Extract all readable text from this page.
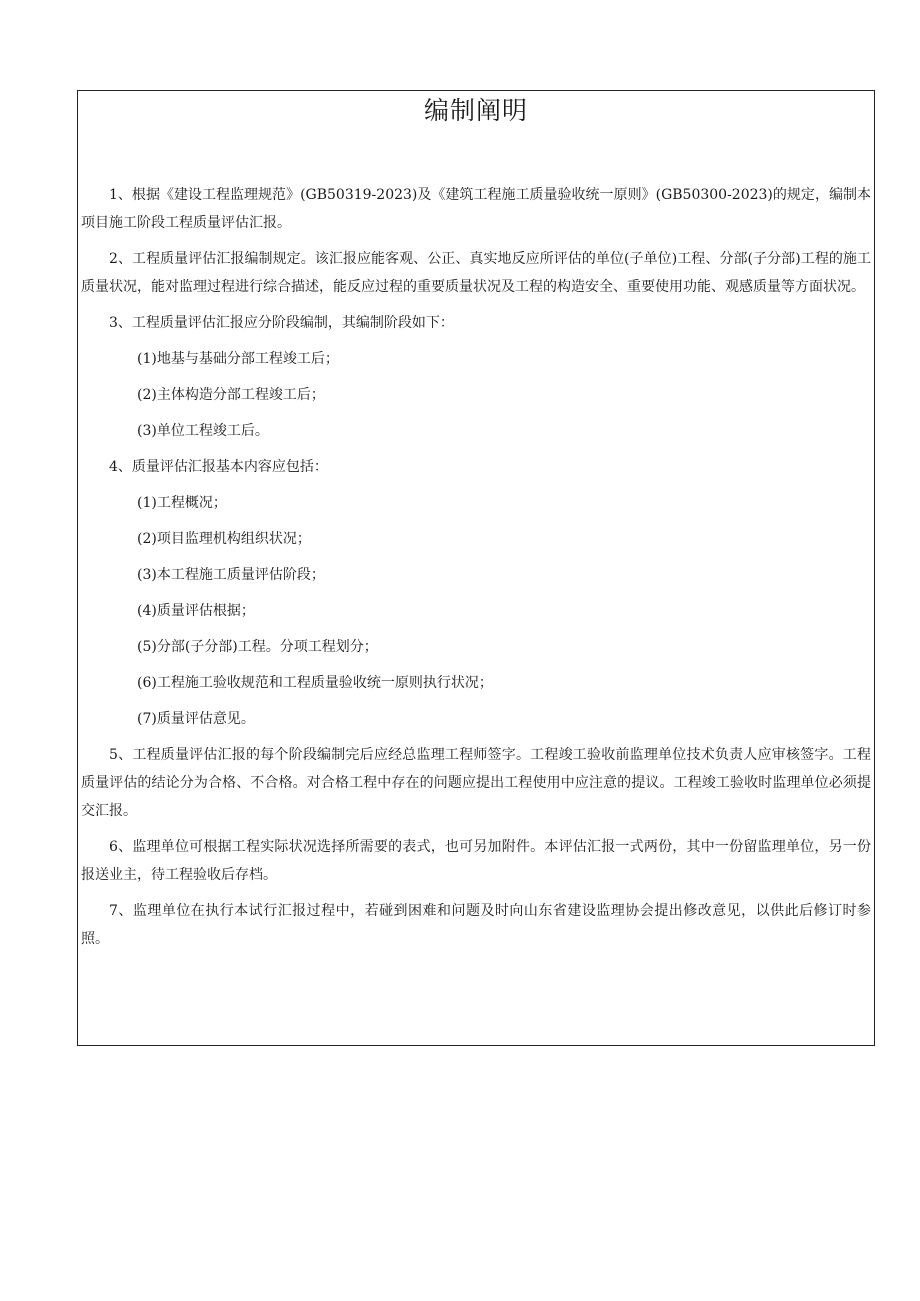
编制阐明

1、根据《建设工程监理规范》(GB50319-2023)及《建筑工程施工质量验收统一原则》(GB50300-2023)的规定，编制本项目施工阶段工程质量评估汇报。

2、工程质量评估汇报编制规定。该汇报应能客观、公正、真实地反应所评估的单位(子单位)工程、分部(子分部)工程的施工质量状况，能对监理过程进行综合描述，能反应过程的重要质量状况及工程的构造安全、重要使用功能、观感质量等方面状况。

3、工程质量评估汇报应分阶段编制，其编制阶段如下：

(1)地基与基础分部工程竣工后；

(2)主体构造分部工程竣工后；

(3)单位工程竣工后。

4、质量评估汇报基本内容应包括：

(1)工程概况；

(2)项目监理机构组织状况；

(3)本工程施工质量评估阶段；

(4)质量评估根据；

(5)分部(子分部)工程。分项工程划分；

(6)工程施工验收规范和工程质量验收统一原则执行状况；

(7)质量评估意见。

5、工程质量评估汇报的每个阶段编制完后应经总监理工程师签字。工程竣工验收前监理单位技术负责人应审核签字。工程质量评估的结论分为合格、不合格。对合格工程中存在的问题应提出工程使用中应注意的提议。工程竣工验收时监理单位必须提交汇报。

6、监理单位可根据工程实际状况选择所需要的表式，也可另加附件。本评估汇报一式两份，其中一份留监理单位，另一份报送业主，待工程验收后存档。

7、监理单位在执行本试行汇报过程中，若碰到困难和问题及时向山东省建设监理协会提出修改意见，以供此后修订时参照。
